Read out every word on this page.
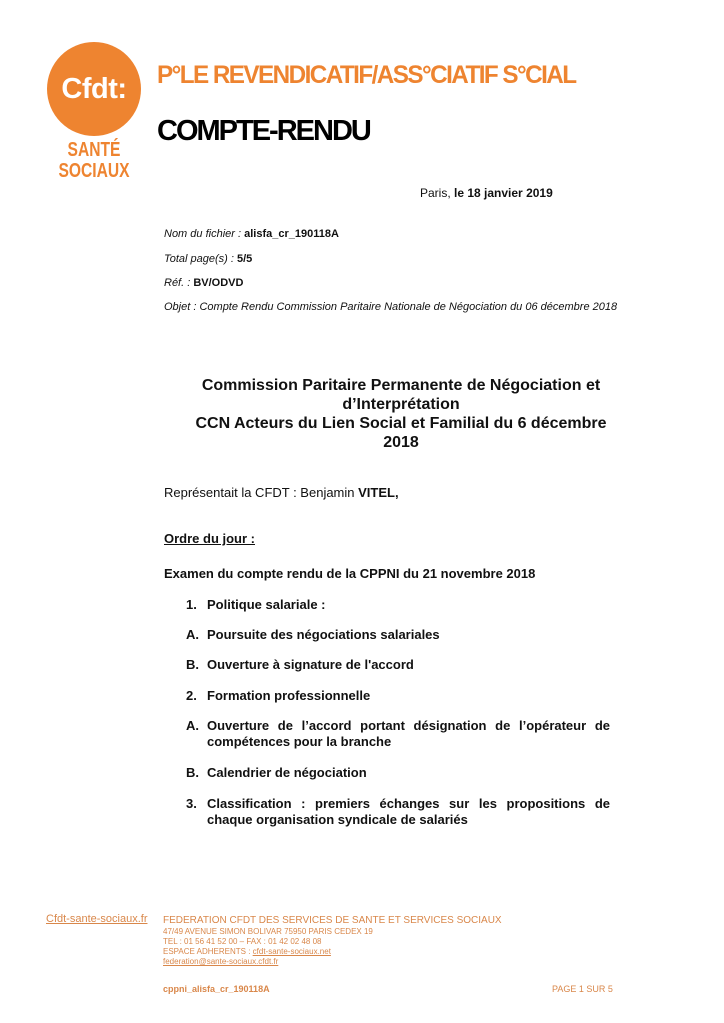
Cfdt:
SANTÉ
SOCIAUX
P°LE REVENDICATIF/ASS°CIATIF S°CIAL
COMPTE-RENDU
Paris, le 18 janvier 2019
Nom du fichier : alisfa_cr_190118A
Total page(s) : 5/5
Réf. : BV/ODVD
Objet : Compte Rendu Commission Paritaire Nationale de Négociation du 06 décembre 2018
Commission Paritaire Permanente de Négociation et
d’Interprétation
CCN Acteurs du Lien Social et Familial du 6 décembre
2018
Représentait la CFDT : Benjamin VITEL,
Ordre du jour :
Examen du compte rendu de la CPPNI du 21 novembre 2018
1. Politique salariale :
A. Poursuite des négociations salariales
B. Ouverture à signature de l'accord
2. Formation professionnelle
A. Ouverture de l’accord portant désignation de l’opérateur de compétences pour la branche
B. Calendrier de négociation
3. Classification : premiers échanges sur les propositions de chaque organisation syndicale de salariés
Cfdt-sante-sociaux.fr FEDERATION CFDT DES SERVICES DE SANTE ET SERVICES SOCIAUX
47/49 AVENUE SIMON BOLIVAR 75950 PARIS CEDEX 19
TEL : 01 56 41 52 00 – FAX : 01 42 02 48 08
ESPACE ADHERENTS : cfdt-sante-sociaux.net
federation@sante-sociaux.cfdt.fr
cppni_alisfa_cr_190118A	PAGE 1 SUR 5
